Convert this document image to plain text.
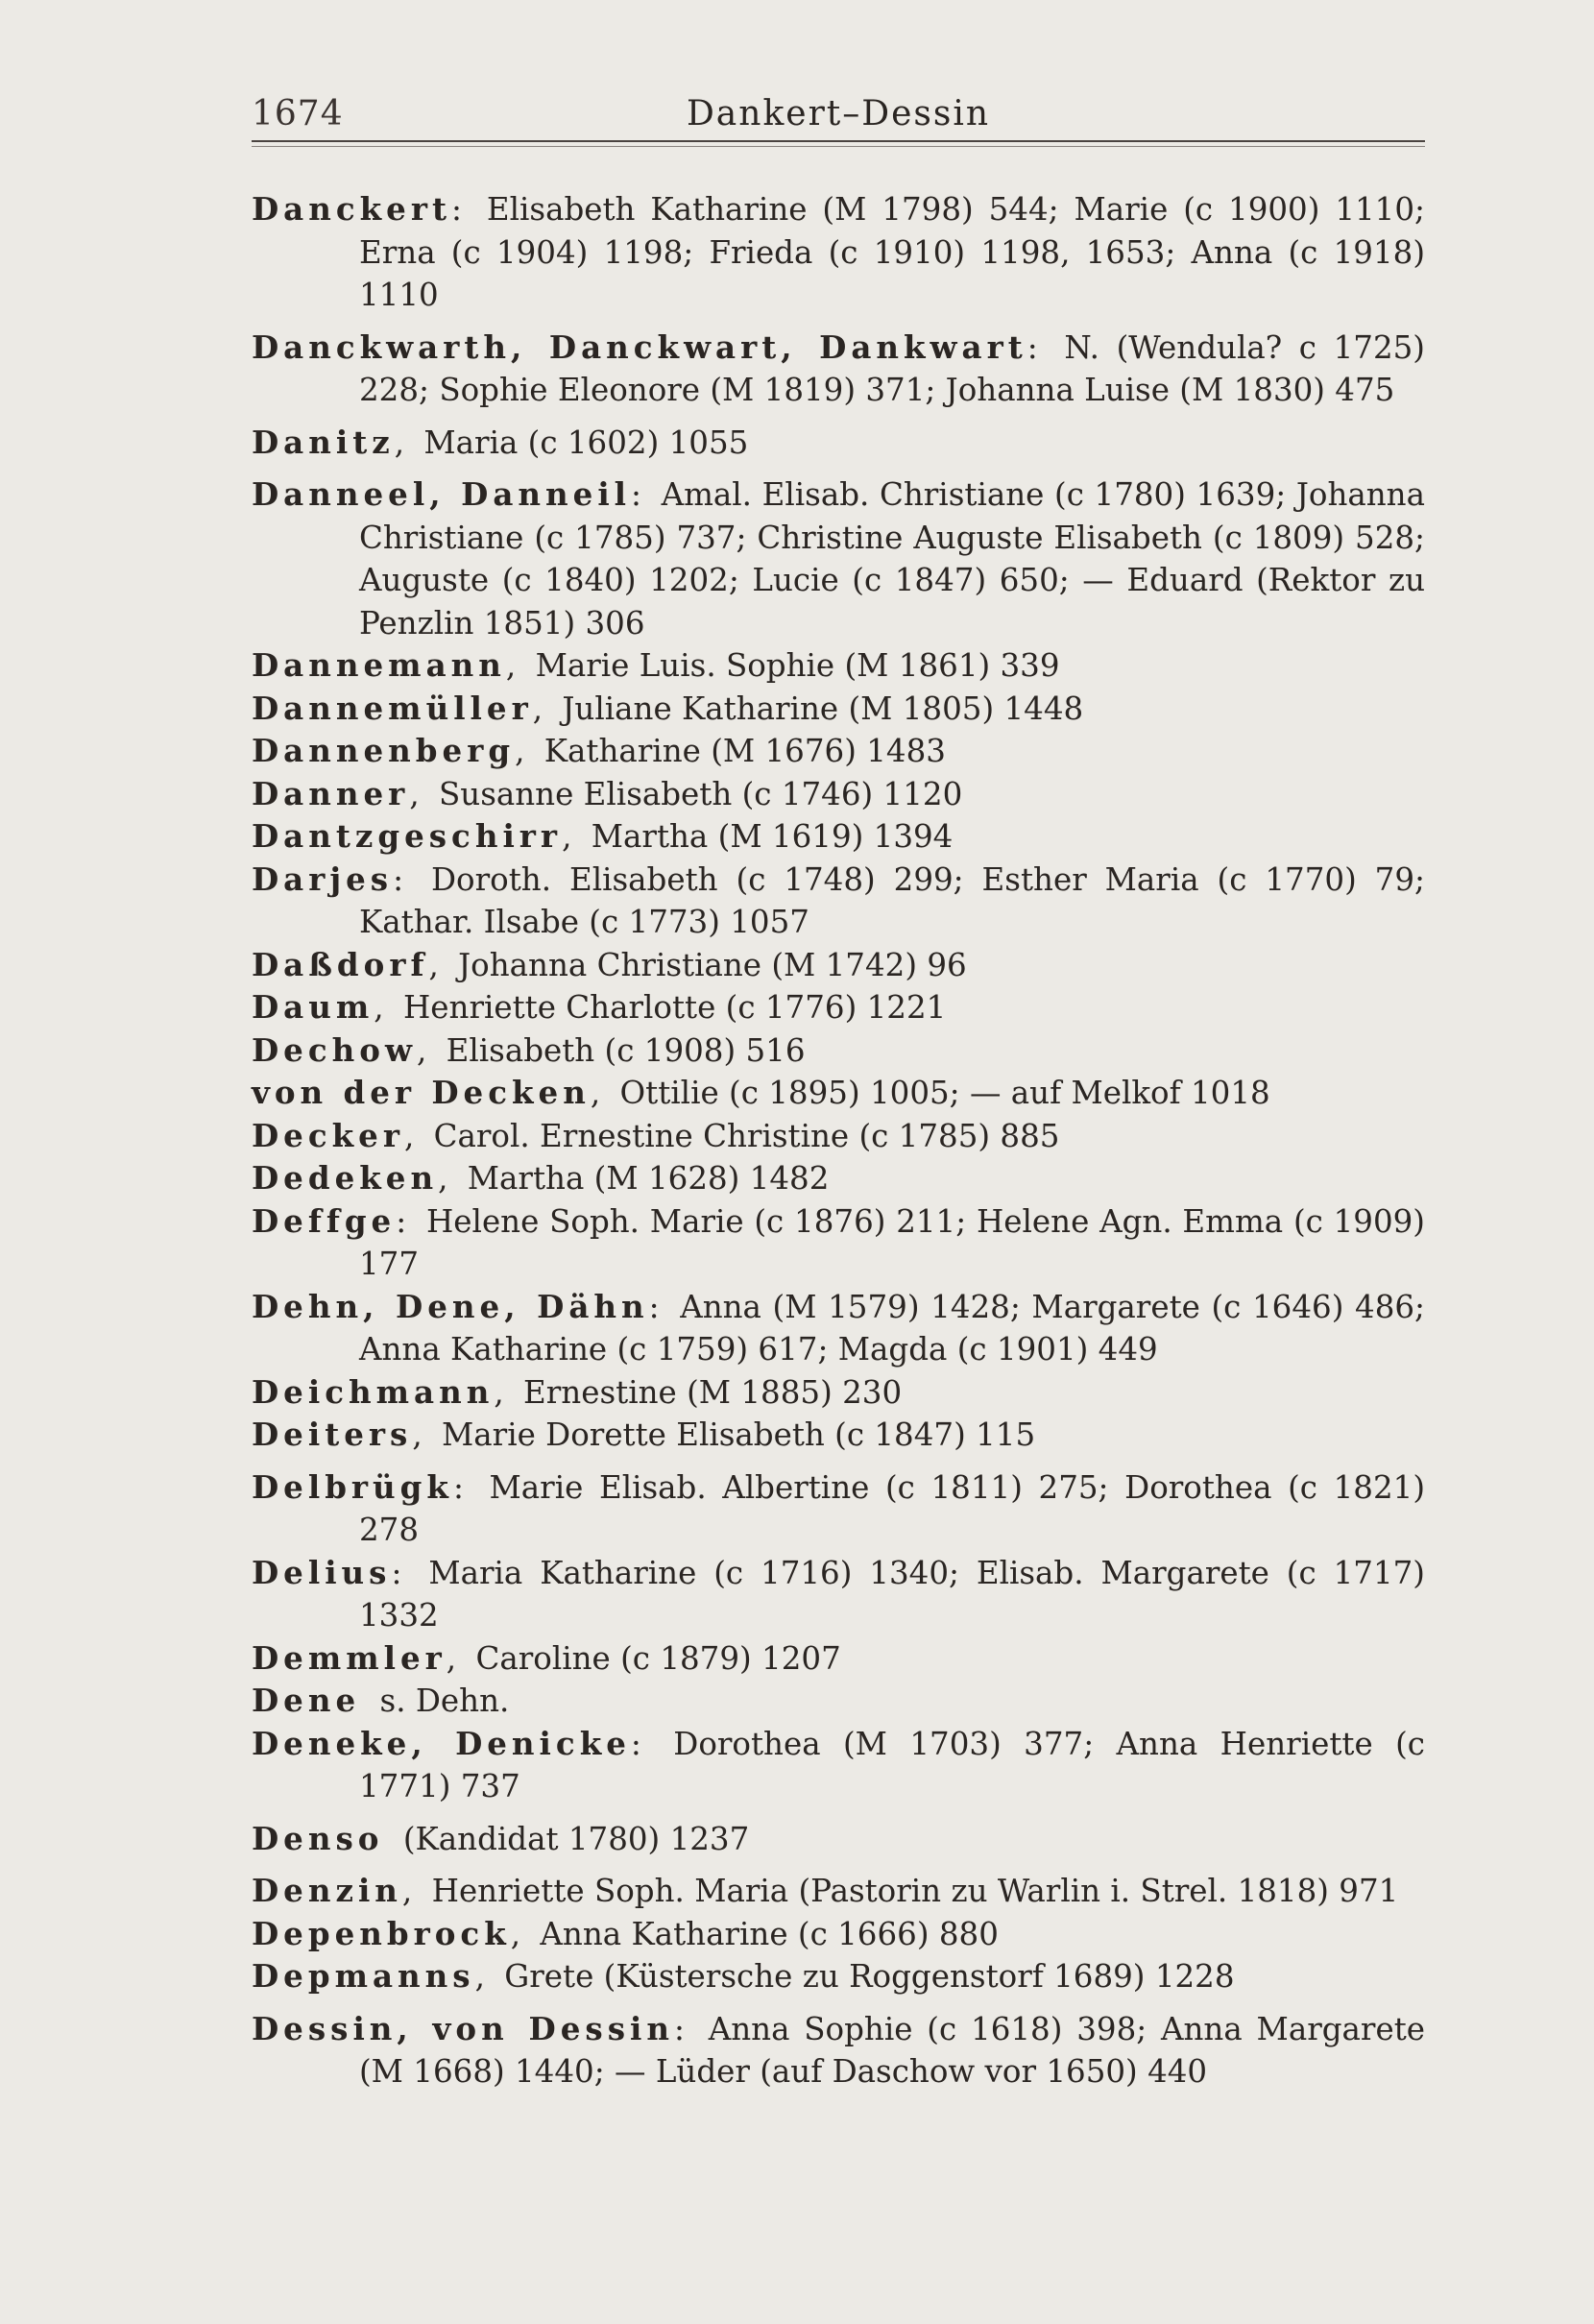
1674	Dankert–Dessin

Danckert: Elisabeth Katharine (M 1798) 544; Marie (c 1900) 1110; Erna (c 1904) 1198; Frieda (c 1910) 1198, 1653; Anna (c 1918) 1110

Danckwarth, Danckwart, Dankwart: N. (Wendula? c 1725) 228; Sophie Eleonore (M 1819) 371; Johanna Luise (M 1830) 475

Danitz, Maria (c 1602) 1055

Danneel, Danneil: Amal. Elisab. Christiane (c 1780) 1639; Johanna Christiane (c 1785) 737; Christine Auguste Elisabeth (c 1809) 528; Auguste (c 1840) 1202; Lucie (c 1847) 650; — Eduard (Rektor zu Penzlin 1851) 306

Dannemann, Marie Luis. Sophie (M 1861) 339

Dannemüller, Juliane Katharine (M 1805) 1448

Dannenberg, Katharine (M 1676) 1483

Danner, Susanne Elisabeth (c 1746) 1120

Dantzgeschirr, Martha (M 1619) 1394

Darjes: Doroth. Elisabeth (c 1748) 299; Esther Maria (c 1770) 79; Kathar. Ilsabe (c 1773) 1057

Daßdorf, Johanna Christiane (M 1742) 96

Daum, Henriette Charlotte (c 1776) 1221

Dechow, Elisabeth (c 1908) 516

von der Decken, Ottilie (c 1895) 1005; — auf Melkof 1018

Decker, Carol. Ernestine Christine (c 1785) 885

Dedeken, Martha (M 1628) 1482

Deffge: Helene Soph. Marie (c 1876) 211; Helene Agn. Emma (c 1909) 177

Dehn, Dene, Dähn: Anna (M 1579) 1428; Margarete (c 1646) 486; Anna Katharine (c 1759) 617; Magda (c 1901) 449

Deichmann, Ernestine (M 1885) 230

Deiters, Marie Dorette Elisabeth (c 1847) 115

Delbrügk: Marie Elisab. Albertine (c 1811) 275; Dorothea (c 1821) 278

Delius: Maria Katharine (c 1716) 1340; Elisab. Margarete (c 1717) 1332

Demmler, Caroline (c 1879) 1207

Dene s. Dehn.

Deneke, Denicke: Dorothea (M 1703) 377; Anna Henriette (c 1771) 737

Denso (Kandidat 1780) 1237

Denzin, Henriette Soph. Maria (Pastorin zu Warlin i. Strel. 1818) 971

Depenbrock, Anna Katharine (c 1666) 880

Depmanns, Grete (Küstersche zu Roggenstorf 1689) 1228

Dessin, von Dessin: Anna Sophie (c 1618) 398; Anna Margarete (M 1668) 1440; — Lüder (auf Daschow vor 1650) 440
